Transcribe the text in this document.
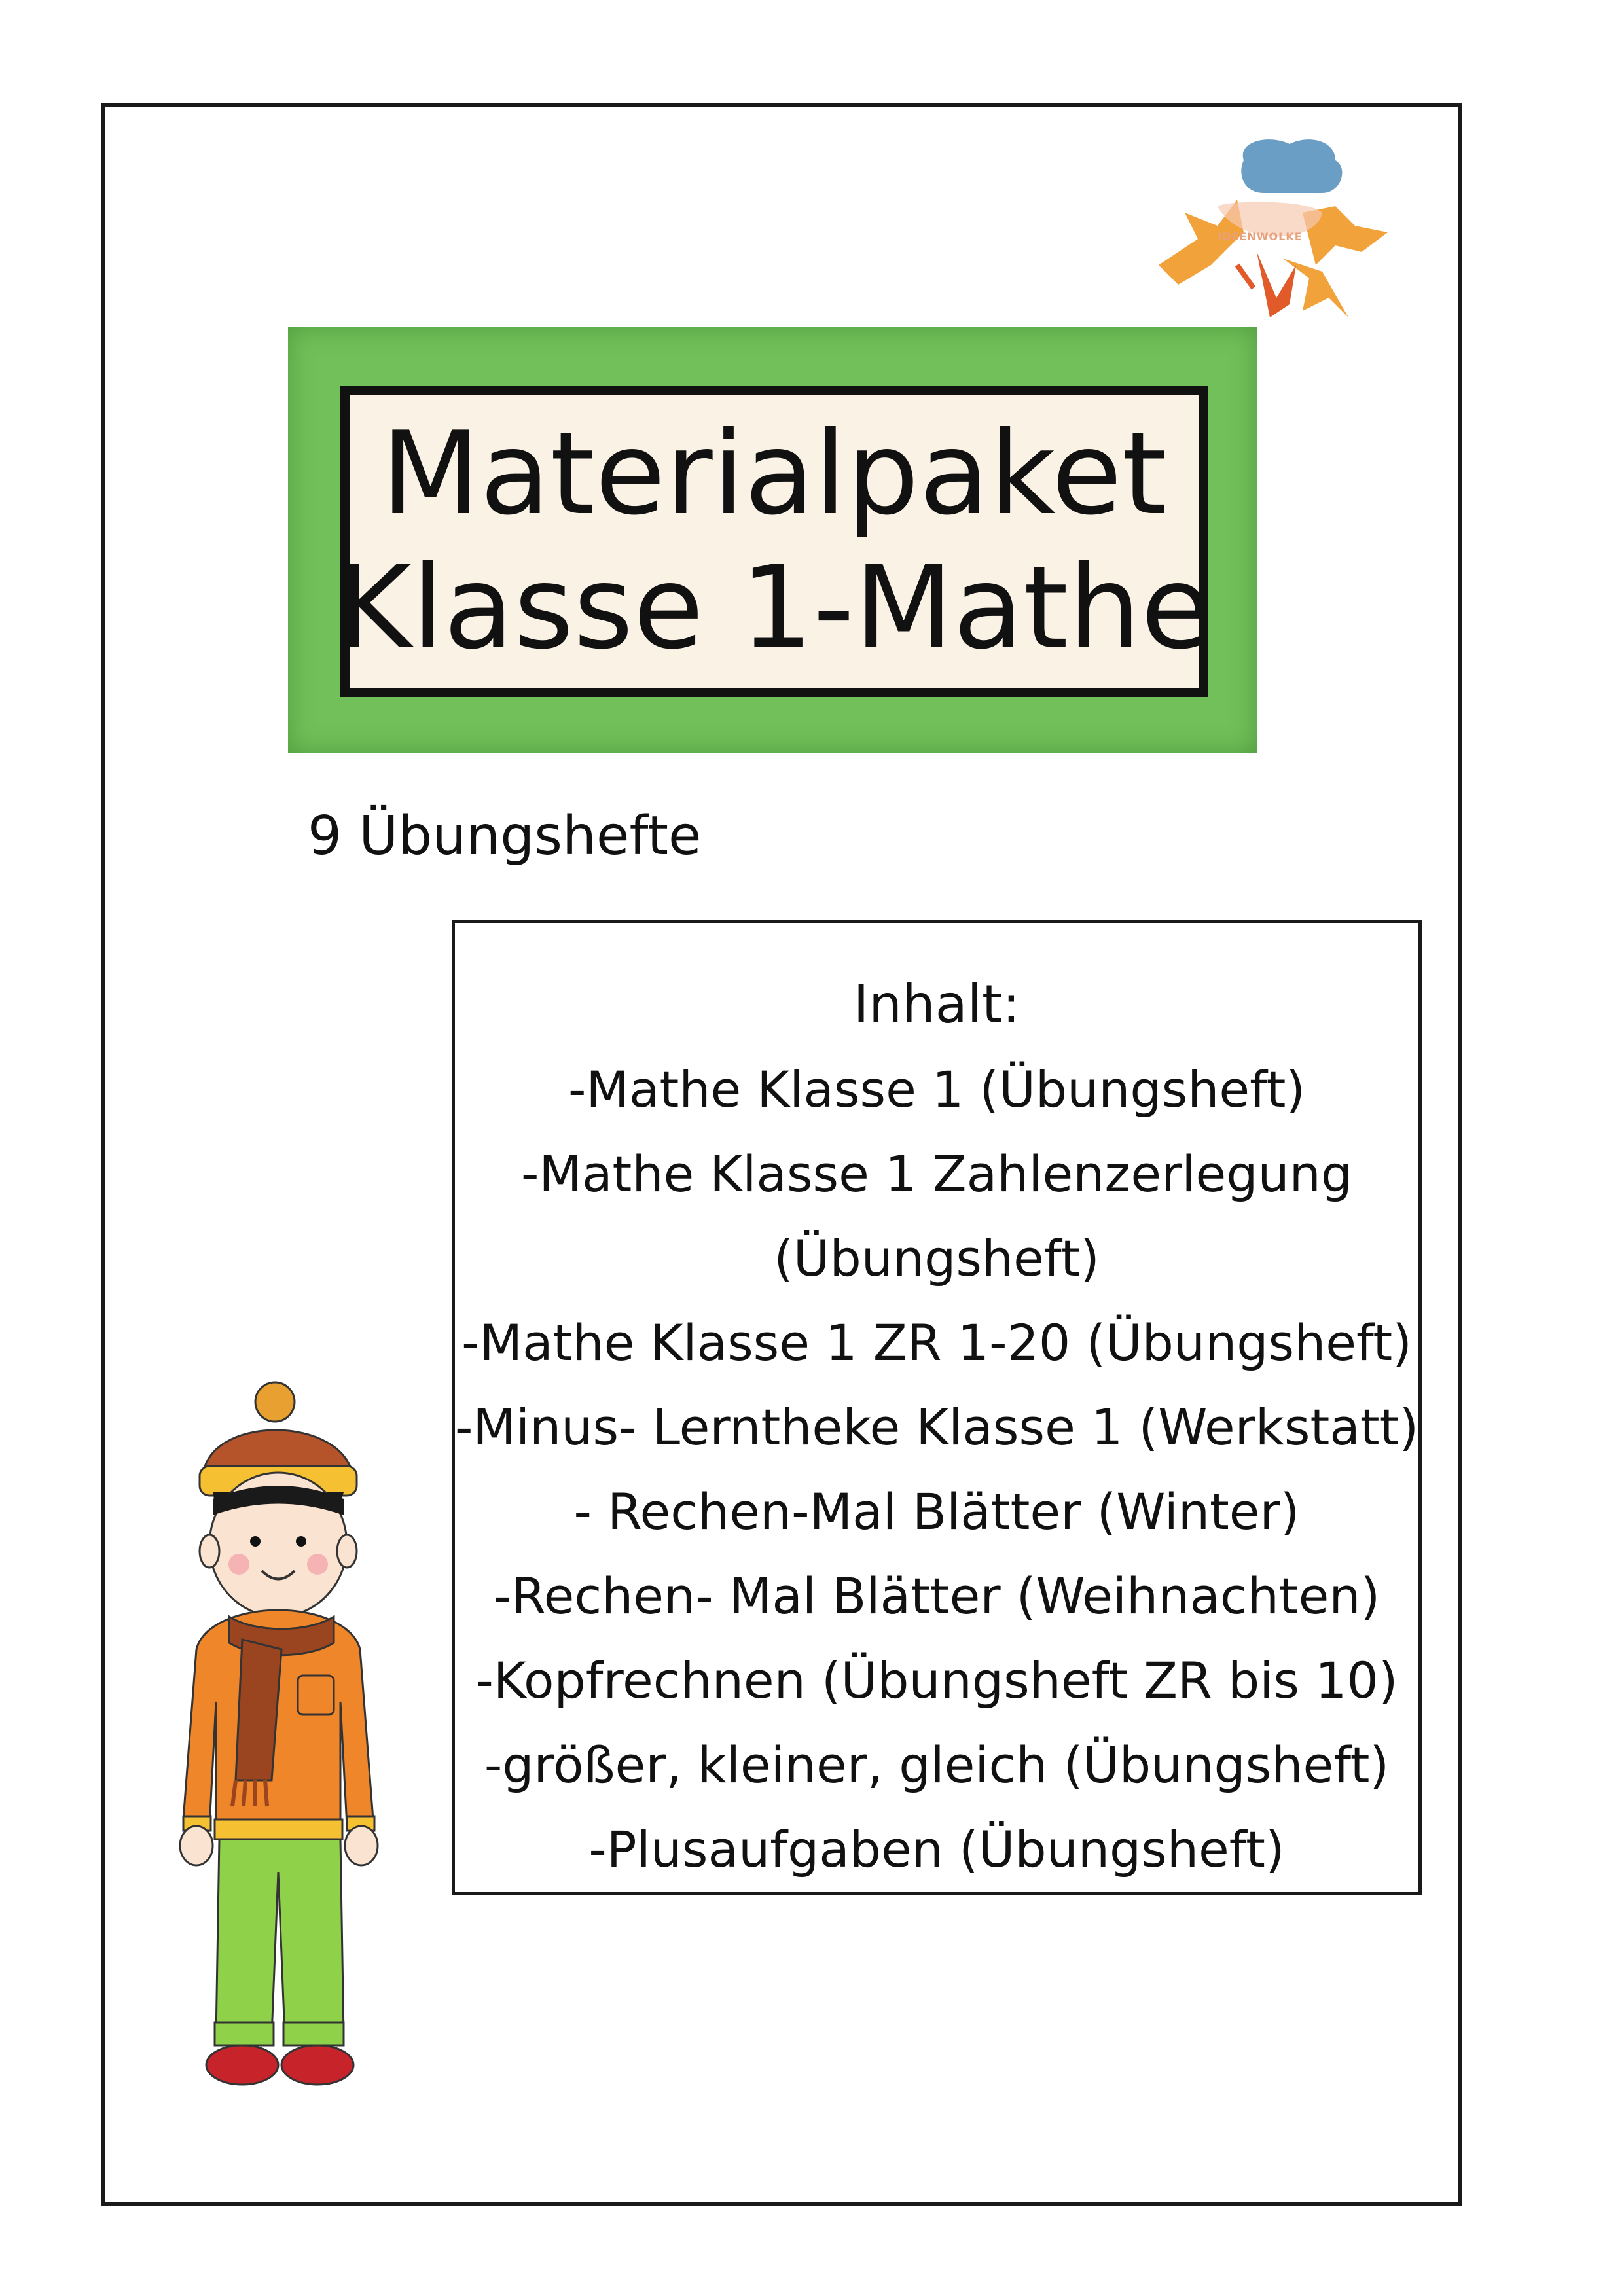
IDEENWOLKE
Materialpaket
Klasse 1-Mathe
9 Übungshefte
Inhalt:
-Mathe Klasse 1 (Übungsheft)
-Mathe Klasse 1 Zahlenzerlegung (Übungsheft)
-Mathe Klasse 1 ZR 1-20 (Übungsheft)
-Minus- Lerntheke Klasse 1 (Werkstatt)
- Rechen-Mal Blätter (Winter)
-Rechen- Mal Blätter (Weihnachten)
-Kopfrechnen (Übungsheft ZR bis 10)
-größer, kleiner, gleich (Übungsheft)
-Plusaufgaben (Übungsheft)
